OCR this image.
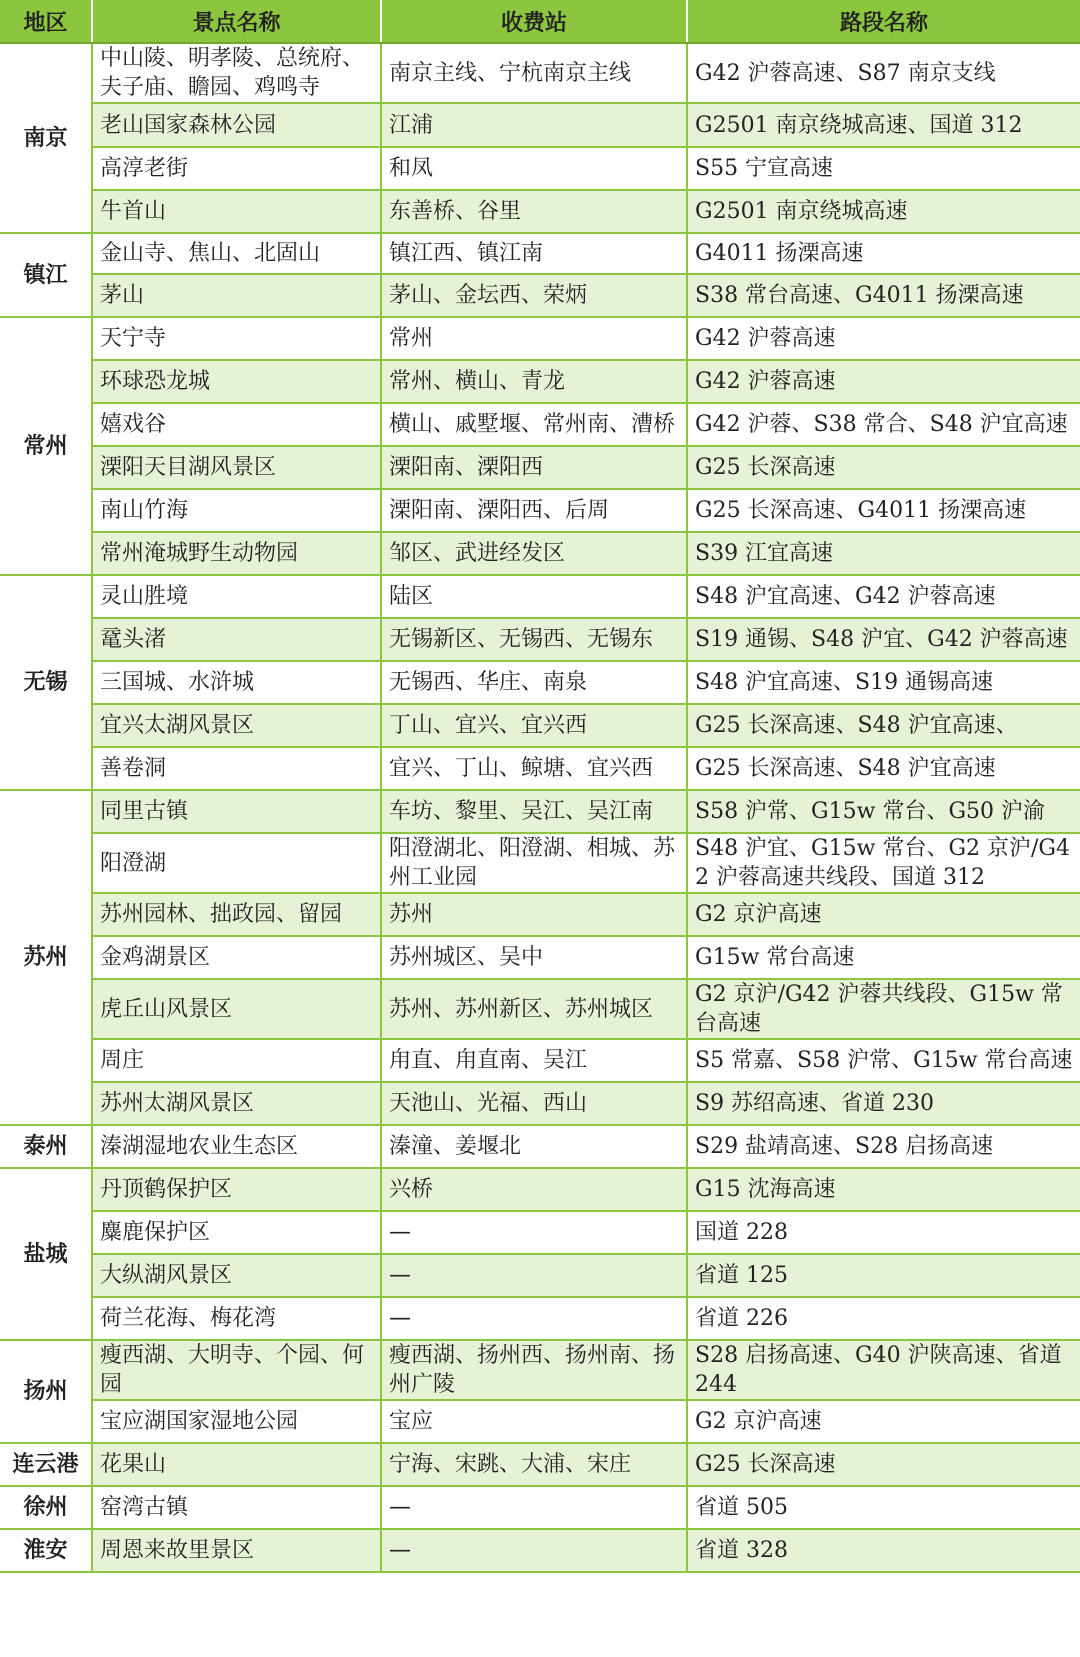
地区	景点名称	收费站	路段名称
南京	中山陵、明孝陵、总统府、夫子庙、瞻园、鸡鸣寺	南京主线、宁杭南京主线	G42 沪蓉高速、S87 南京支线
	老山国家森林公园	江浦	G2501 南京绕城高速、国道 312
	高淳老街	和凤	S55 宁宣高速
	牛首山	东善桥、谷里	G2501 南京绕城高速
镇江	金山寺、焦山、北固山	镇江西、镇江南	G4011 扬溧高速
	茅山	茅山、金坛西、荣炳	S38 常台高速、G4011 扬溧高速
常州	天宁寺	常州	G42 沪蓉高速
	环球恐龙城	常州、横山、青龙	G42 沪蓉高速
	嬉戏谷	横山、戚墅堰、常州南、漕桥	G42 沪蓉、S38 常合、S48 沪宜高速
	溧阳天目湖风景区	溧阳南、溧阳西	G25 长深高速
	南山竹海	溧阳南、溧阳西、后周	G25 长深高速、G4011 扬溧高速
	常州淹城野生动物园	邹区、武进经发区	S39 江宜高速
无锡	灵山胜境	陆区	S48 沪宜高速、G42 沪蓉高速
	鼋头渚	无锡新区、无锡西、无锡东	S19 通锡、S48 沪宜、G42 沪蓉高速
	三国城、水浒城	无锡西、华庄、南泉	S48 沪宜高速、S19 通锡高速
	宜兴太湖风景区	丁山、宜兴、宜兴西	G25 长深高速、S48 沪宜高速、
	善卷洞	宜兴、丁山、鲸塘、宜兴西	G25 长深高速、S48 沪宜高速
苏州	同里古镇	车坊、黎里、吴江、吴江南	S58 沪常、G15w 常台、G50 沪渝
	阳澄湖	阳澄湖北、阳澄湖、相城、苏州工业园	S48 沪宜、G15w 常台、G2 京沪/G42 沪蓉高速共线段、国道 312
	苏州园林、拙政园、留园	苏州	G2 京沪高速
	金鸡湖景区	苏州城区、吴中	G15w 常台高速
	虎丘山风景区	苏州、苏州新区、苏州城区	G2 京沪/G42 沪蓉共线段、G15w 常台高速
	周庄	甪直、甪直南、吴江	S5 常嘉、S58 沪常、G15w 常台高速
	苏州太湖风景区	天池山、光福、西山	S9 苏绍高速、省道 230
泰州	溱湖湿地农业生态区	溱潼、姜堰北	S29 盐靖高速、S28 启扬高速
盐城	丹顶鹤保护区	兴桥	G15 沈海高速
	麋鹿保护区	—	国道 228
	大纵湖风景区	—	省道 125
	荷兰花海、梅花湾	—	省道 226
扬州	瘦西湖、大明寺、个园、何园	瘦西湖、扬州西、扬州南、扬州广陵	S28 启扬高速、G40 沪陕高速、省道 244
	宝应湖国家湿地公园	宝应	G2 京沪高速
连云港	花果山	宁海、宋跳、大浦、宋庄	G25 长深高速
徐州	窑湾古镇	—	省道 505
淮安	周恩来故里景区	—	省道 328
